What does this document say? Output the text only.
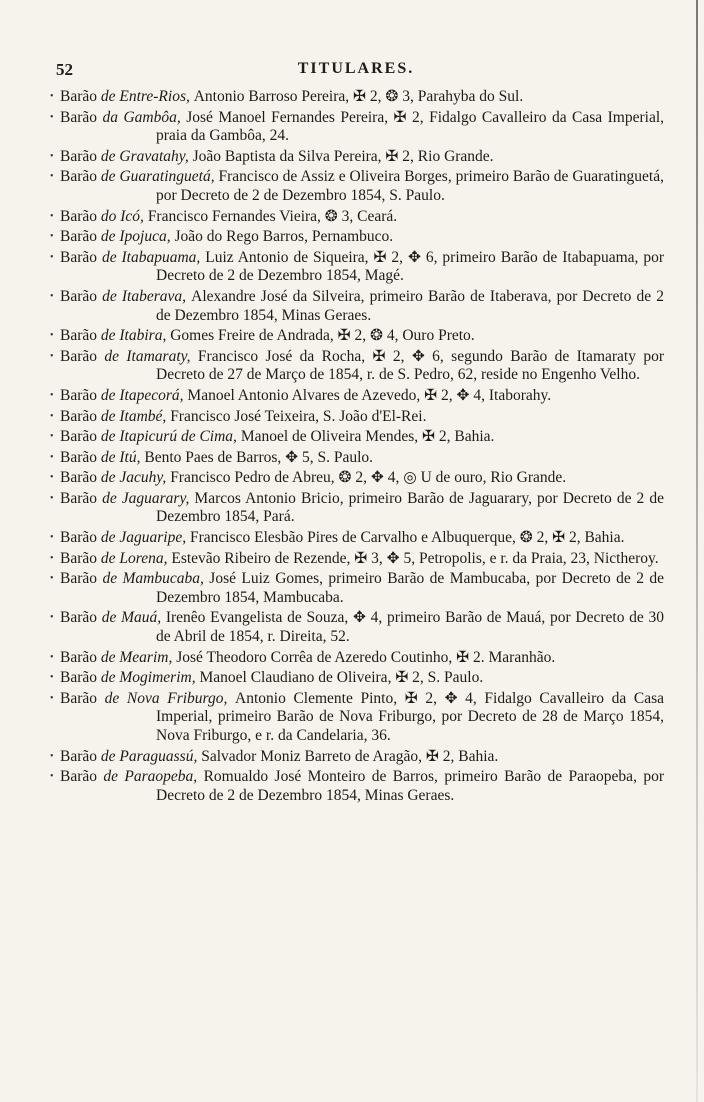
52	TITULARES.

• Barão de Entre-Rios, Antonio Barroso Pereira, ✠ 2, ❂ 3, Parahyba do Sul.

• Barão da Gambôa, José Manoel Fernandes Pereira, ✠ 2, Fidalgo Cavalleiro da Casa Imperial, praia da Gambôa, 24.

• Barão de Gravatahy, João Baptista da Silva Pereira, ✠ 2, Rio Grande.

• Barão de Guaratinguetá, Francisco de Assiz e Oliveira Borges, primeiro Barão de Guaratinguetá, por Decreto de 2 de Dezembro 1854, S. Paulo.

• Barão do Icó, Francisco Fernandes Vieira, ❂ 3, Ceará.

• Barão de Ipojuca, João do Rego Barros, Pernambuco.

• Barão de Itabapuama, Luiz Antonio de Siqueira, ✠ 2, ✥ 6, primeiro Barão de Itabapuama, por Decreto de 2 de Dezembro 1854, Magé.

• Barão de Itaberava, Alexandre José da Silveira, primeiro Barão de Itaberava, por Decreto de 2 de Dezembro 1854, Minas Geraes.

• Barão de Itabira, Gomes Freire de Andrada, ✠ 2, ❂ 4, Ouro Preto.

• Barão de Itamaraty, Francisco José da Rocha, ✠ 2, ✥ 6, segundo Barão de Itamaraty por Decreto de 27 de Março de 1854, r. de S. Pedro, 62, reside no Engenho Velho.

• Barão de Itapecorá, Manoel Antonio Alvares de Azevedo, ✠ 2, ✥ 4, Itaborahy.

• Barão de Itambé, Francisco José Teixeira, S. João d'El-Rei.

• Barão de Itapicurú de Cima, Manoel de Oliveira Mendes, ✠ 2, Bahia.

• Barão de Itú, Bento Paes de Barros, ✥ 5, S. Paulo.

• Barão de Jacuhy, Francisco Pedro de Abreu, ❂ 2, ✥ 4, ◎ U de ouro, Rio Grande.

• Barão de Jaguarary, Marcos Antonio Bricio, primeiro Barão de Jaguarary, por Decreto de 2 de Dezembro 1854, Pará.

• Barão de Jaguaripe, Francisco Elesbão Pires de Carvalho e Albuquerque, ❂ 2, ✠ 2, Bahia.

• Barão de Lorena, Estevão Ribeiro de Rezende, ✠ 3, ✥ 5, Petropolis, e r. da Praia, 23, Nictheroy.

• Barão de Mambucaba, José Luiz Gomes, primeiro Barão de Mambucaba, por Decreto de 2 de Dezembro 1854, Mambucaba.

• Barão de Mauá, Irenêo Evangelista de Souza, ✥ 4, primeiro Barão de Mauá, por Decreto de 30 de Abril de 1854, r. Direita, 52.

• Barão de Mearim, José Theodoro Corrêa de Azeredo Coutinho, ✠ 2. Maranhão.

• Barão de Mogimerim, Manoel Claudiano de Oliveira, ✠ 2, S. Paulo.

• Barão de Nova Friburgo, Antonio Clemente Pinto, ✠ 2, ✥ 4, Fidalgo Cavalleiro da Casa Imperial, primeiro Barão de Nova Friburgo, por Decreto de 28 de Março 1854, Nova Friburgo, e r. da Candelaria, 36.

• Barão de Paraguassú, Salvador Moniz Barreto de Aragão, ✠ 2, Bahia.

• Barão de Paraopeba, Romualdo José Monteiro de Barros, primeiro Barão de Paraopeba, por Decreto de 2 de Dezembro 1854, Minas Geraes.
